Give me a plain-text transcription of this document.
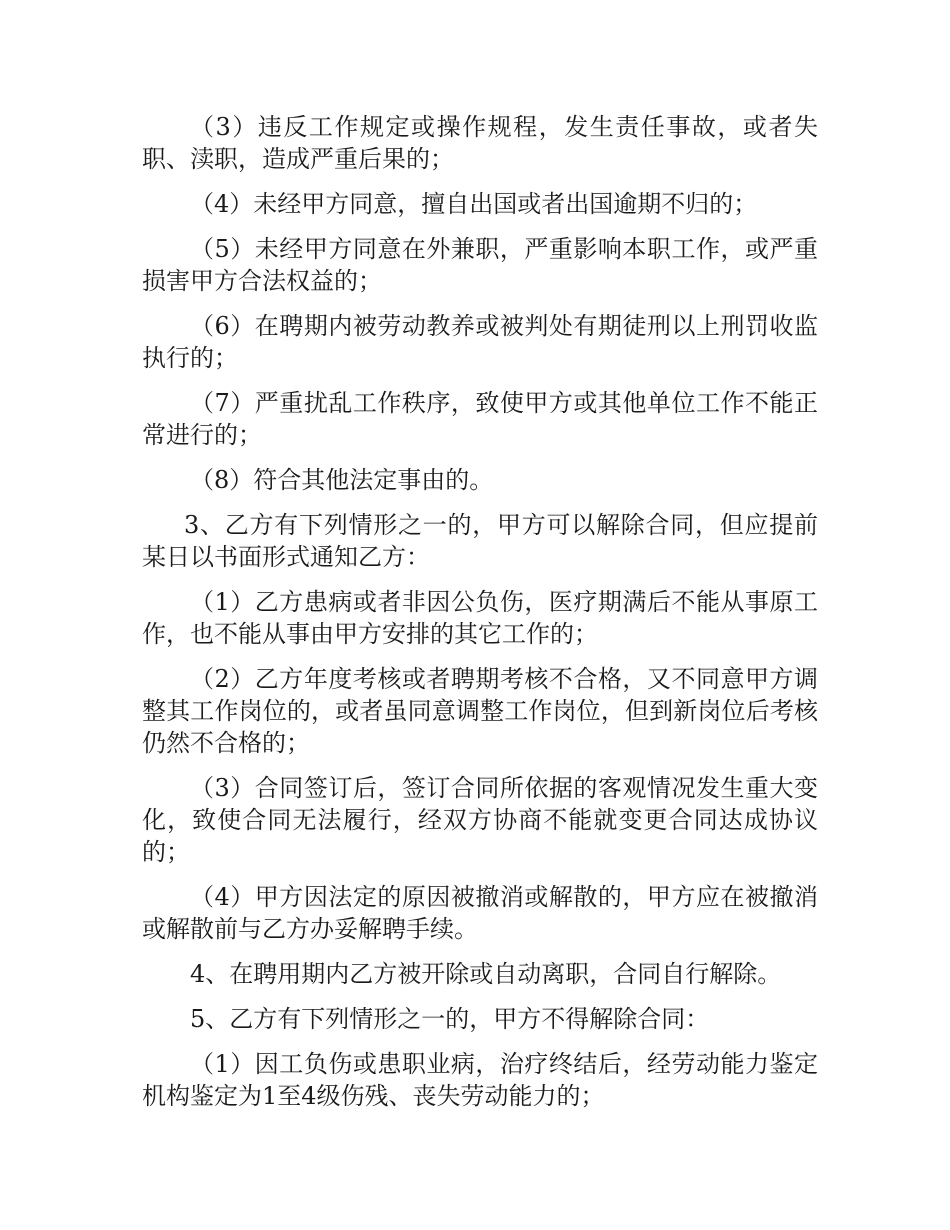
（3）违反工作规定或操作规程，发生责任事故，或者失职、渎职，造成严重后果的；

（4）未经甲方同意，擅自出国或者出国逾期不归的；

（5）未经甲方同意在外兼职，严重影响本职工作，或严重损害甲方合法权益的；

（6）在聘期内被劳动教养或被判处有期徒刑以上刑罚收监执行的；

（7）严重扰乱工作秩序，致使甲方或其他单位工作不能正常进行的；

（8）符合其他法定事由的。

3、乙方有下列情形之一的，甲方可以解除合同，但应提前某日以书面形式通知乙方：

（1）乙方患病或者非因公负伤，医疗期满后不能从事原工作，也不能从事由甲方安排的其它工作的；

（2）乙方年度考核或者聘期考核不合格，又不同意甲方调整其工作岗位的，或者虽同意调整工作岗位，但到新岗位后考核仍然不合格的；

（3）合同签订后，签订合同所依据的客观情况发生重大变化，致使合同无法履行，经双方协商不能就变更合同达成协议的；

（4）甲方因法定的原因被撤消或解散的，甲方应在被撤消或解散前与乙方办妥解聘手续。

4、在聘用期内乙方被开除或自动离职，合同自行解除。

5、乙方有下列情形之一的，甲方不得解除合同：

（1）因工负伤或患职业病，治疗终结后，经劳动能力鉴定机构鉴定为1至4级伤残、丧失劳动能力的；
